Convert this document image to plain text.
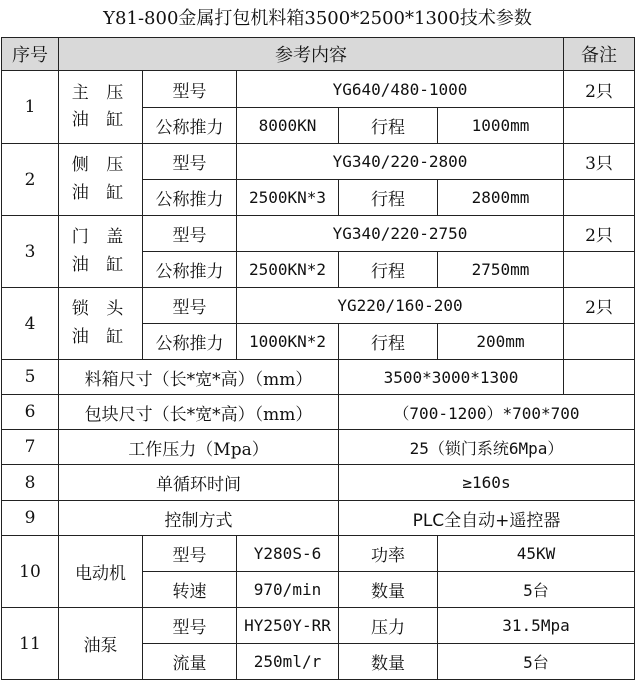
Y81-800金属打包机料箱3500*2500*1300技术参数
序号	参考内容					备注
1	主 压
油 缸	型号	YG640/480-1000			2只
		公称推力	8000KN	行程	1000mm	
2	侧 压
油 缸	型号	YG340/220-2800			3只
		公称推力	2500KN*3	行程	2800mm	
3	门 盖
油 缸	型号	YG340/220-2750			2只
		公称推力	2500KN*2	行程	2750mm	
4	锁 头
油 缸	型号	YG220/160-200			2只
		公称推力	1000KN*2	行程	200mm	
5	料箱尺寸（长*宽*高）（mm）			3500*3000*1300		
6	包块尺寸（长*宽*高）（mm）			（700-1200）*700*700		
7	工作压力（Mpa）			25（锁门系统6Mpa）		
8	单循环时间			≥160s		
9	控制方式			PLC全自动+遥控器		
10	电动机	型号	Y280S-6	功率	45KW	
		转速	970/min	数量	5台	
11	油泵	型号	HY250Y-RR	压力	31.5Mpa	
		流量	250ml/r	数量	5台	
